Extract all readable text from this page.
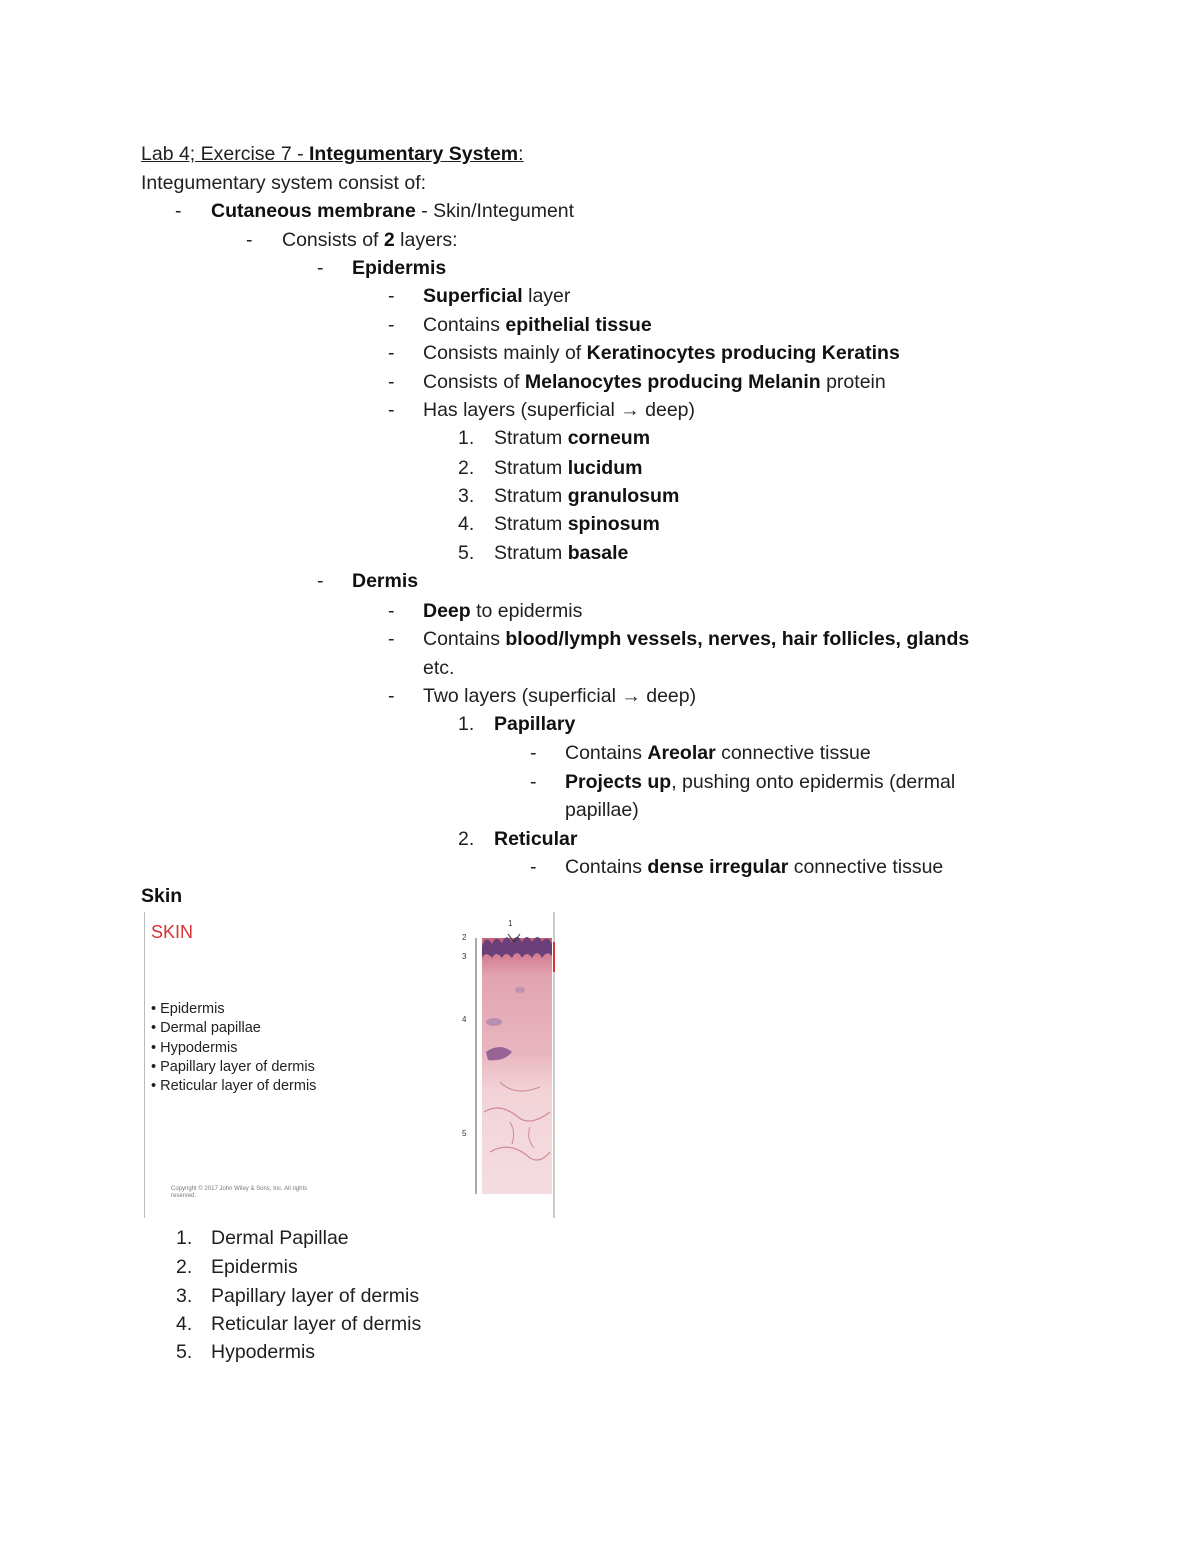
Lab 4; Exercise 7 - Integumentary System:
Integumentary system consist of:
- Cutaneous membrane - Skin/Integument
- Consists of 2 layers:
- Epidermis
- Superficial layer
- Contains epithelial tissue
- Consists mainly of Keratinocytes producing Keratins
- Consists of Melanocytes producing Melanin protein
- Has layers (superficial → deep)
1. Stratum corneum
2. Stratum lucidum
3. Stratum granulosum
4. Stratum spinosum
5. Stratum basale
- Dermis
- Deep to epidermis
- Contains blood/lymph vessels, nerves, hair follicles, glands
etc.
- Two layers (superficial → deep)
1. Papillary
- Contains Areolar connective tissue
- Projects up, pushing onto epidermis (dermal
papillae)
2. Reticular
- Contains dense irregular connective tissue
Skin
SKIN
• Epidermis
• Dermal papillae
• Hypodermis
• Papillary layer of dermis
• Reticular layer of dermis
Copyright © 2017 John Wiley & Sons, Inc. All rights reserved.
1
2
3
4
5
1. Dermal Papillae
2. Epidermis
3. Papillary layer of dermis
4. Reticular layer of dermis
5. Hypodermis
